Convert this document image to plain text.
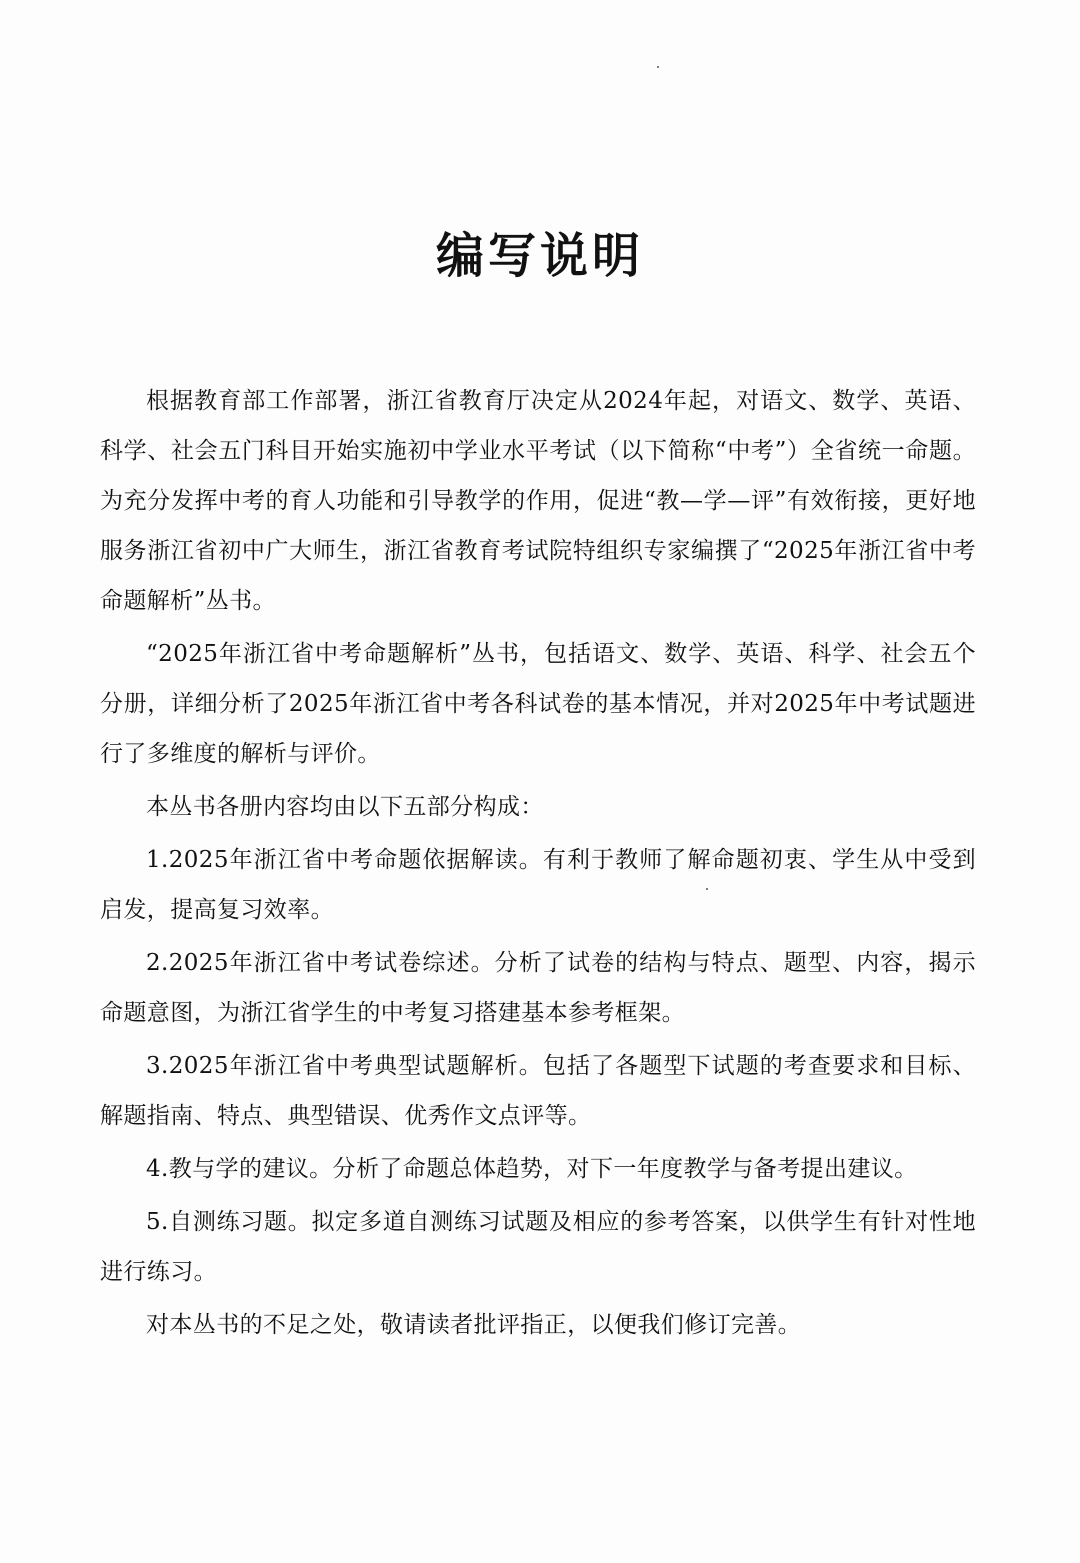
编写说明

根据教育部工作部署，浙江省教育厅决定从2024年起，对语文、数学、英语、科学、社会五门科目开始实施初中学业水平考试（以下简称“中考”）全省统一命题。为充分发挥中考的育人功能和引导教学的作用，促进“教—学—评”有效衔接，更好地服务浙江省初中广大师生，浙江省教育考试院特组织专家编撰了“2025年浙江省中考命题解析”丛书。

“2025年浙江省中考命题解析”丛书，包括语文、数学、英语、科学、社会五个分册，详细分析了2025年浙江省中考各科试卷的基本情况，并对2025年中考试题进行了多维度的解析与评价。

本丛书各册内容均由以下五部分构成：

1.2025年浙江省中考命题依据解读。有利于教师了解命题初衷、学生从中受到启发，提高复习效率。

2.2025年浙江省中考试卷综述。分析了试卷的结构与特点、题型、内容，揭示命题意图，为浙江省学生的中考复习搭建基本参考框架。

3.2025年浙江省中考典型试题解析。包括了各题型下试题的考查要求和目标、解题指南、特点、典型错误、优秀作文点评等。

4.教与学的建议。分析了命题总体趋势，对下一年度教学与备考提出建议。

5.自测练习题。拟定多道自测练习试题及相应的参考答案，以供学生有针对性地进行练习。

对本丛书的不足之处，敬请读者批评指正，以便我们修订完善。
